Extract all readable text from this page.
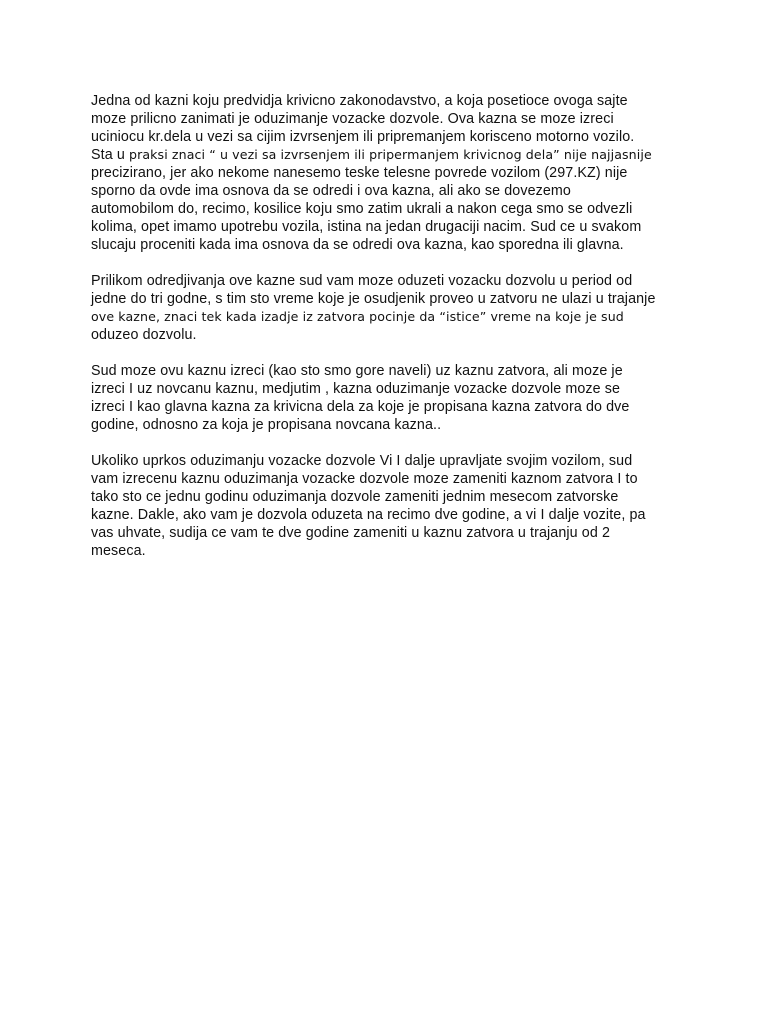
Jedna od kazni koju predvidja krivicno zakonodavstvo, a koja posetioce ovoga sajte
moze prilicno zanimati je oduzimanje vozacke dozvole. Ova kazna se moze izreci
uciniocu kr.dela u vezi sa cijim izvrsenjem ili pripremanjem korisceno motorno vozilo.
Sta u praksi znaci “ u vezi sa izvrsenjem ili pripermanjem krivicnog dela” nije najjasnije
precizirano, jer ako nekome nanesemo teske telesne povrede vozilom (297.KZ) nije
sporno da ovde ima osnova da se odredi i ova kazna, ali ako se dovezemo
automobilom do, recimo, kosilice koju smo zatim ukrali a nakon cega smo se odvezli
kolima, opet imamo upotrebu vozila, istina na jedan drugaciji nacim. Sud ce u svakom
slucaju proceniti kada ima osnova da se odredi ova kazna, kao sporedna ili glavna.
Prilikom odredjivanja ove kazne sud vam moze oduzeti vozacku dozvolu u period od
jedne do tri godne, s tim sto vreme koje je osudjenik proveo u zatvoru ne ulazi u trajanje
ove kazne, znaci tek kada izadje iz zatvora pocinje da “istice” vreme na koje je sud
oduzeo dozvolu.
Sud moze ovu kaznu izreci (kao sto smo gore naveli) uz kaznu zatvora, ali moze je
izreci I uz novcanu kaznu, medjutim , kazna oduzimanje vozacke dozvole moze se
izreci I kao glavna kazna za krivicna dela za koje je propisana kazna zatvora do dve
godine, odnosno za koja je propisana novcana kazna..
Ukoliko uprkos oduzimanju vozacke dozvole Vi I dalje upravljate svojim vozilom, sud
vam izrecenu kaznu oduzimanja vozacke dozvole moze zameniti kaznom zatvora I to
tako sto ce jednu godinu oduzimanja dozvole zameniti jednim mesecom zatvorske
kazne. Dakle, ako vam je dozvola oduzeta na recimo dve godine, a vi I dalje vozite, pa
vas uhvate, sudija ce vam te dve godine zameniti u kaznu zatvora u trajanju od 2
meseca.
